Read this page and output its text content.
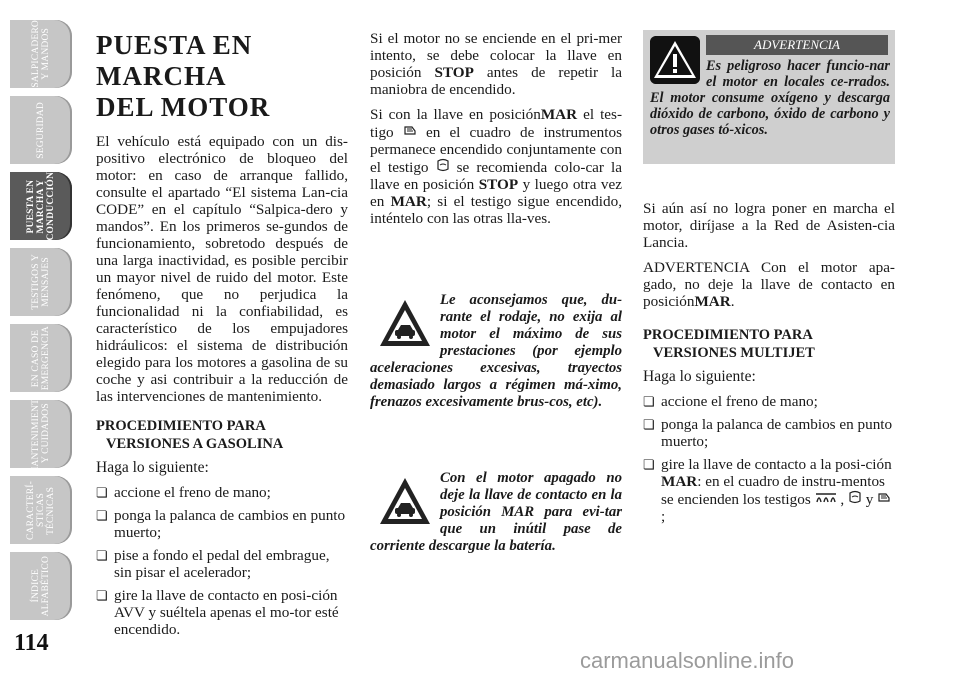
SALPICADERO
Y MANDOS
SEGURIDAD
PUESTA EN
MARCHA Y
CONDUCCIÓN
TESTIGOS Y
MENSAJES
EN CASO DE
EMERGENCIA
MANTENIMIENTO
Y CUIDADOS
CARACTERÍ-
STICAS
TÉCNICAS
ÍNDICE
ALFABÉTICO
114
PUESTA EN
MARCHA
DEL MOTOR

El vehículo está equipado con un dis-positivo electrónico de bloqueo del motor: en caso de arranque fallido, consulte el apartado “El sistema Lan-cia CODE” en el capítulo “Salpica-dero y mandos”. En los primeros se-gundos de funcionamiento, sobretodo después de una larga inactividad, es posible percibir un mayor nivel de ruido del motor. Este fenómeno, que no perjudica la funcionalidad ni la confiabilidad, es característico de los empujadores hidráulicos: el sistema de distribución elegido para los motores a gasolina de su coche y asi contribuir a la reducción de las intervenciones de mantenimiento.

PROCEDIMIENTO PARA
VERSIONES A GASOLINA

Haga lo siguiente:

❏ accione el freno de mano;
❏ ponga la palanca de cambios en punto muerto;
❏ pise a fondo el pedal del embrague, sin pisar el acelerador;
❏ gire la llave de contacto en posi-ción AVV y suéltela apenas el mo-tor esté encendido.

Si el motor no se enciende en el pri-mer intento, se debe colocar la llave en posición STOP antes de repetir la maniobra de encendido.

Si con la llave en posiciónMAR el tes-tigo  en el cuadro de instrumentos permanece encendido conjuntamente con el testigo  se recomienda colo-car la llave en posición STOP y luego otra vez en MAR; si el testigo sigue encendido, inténtelo con las otras lla-ves.

Le aconsejamos que, du-rante el rodaje, no exija al motor el máximo de sus prestaciones (por ejemplo aceleraciones excesivas, trayectos demasiado largos a régimen má-ximo, frenazos excesivamente brus-cos, etc).
Con el motor apagado no deje la llave de contacto en la posición MAR para evi-tar que un inútil pase de corriente descargue la batería.
ADVERTENCIA
Es peligroso hacer funcio-nar el motor en locales ce-rrados. El motor consume oxígeno y descarga dióxido de carbono, óxido de carbono y otros gases tó-xicos.

Si aún así no logra poner en marcha el motor, diríjase a la Red de Asisten-cia Lancia.

ADVERTENCIA Con el motor apa-gado, no deje la llave de contacto en posiciónMAR.

PROCEDIMIENTO PARA
VERSIONES MULTIJET

Haga lo siguiente:

❏ accione el freno de mano;
❏ ponga la palanca de cambios en punto muerto;
❏ gire la llave de contacto a la posi-ción MAR: en el cuadro de instru-mentos se encienden los testigos  ,  y  ;
carmanualsonline.info
